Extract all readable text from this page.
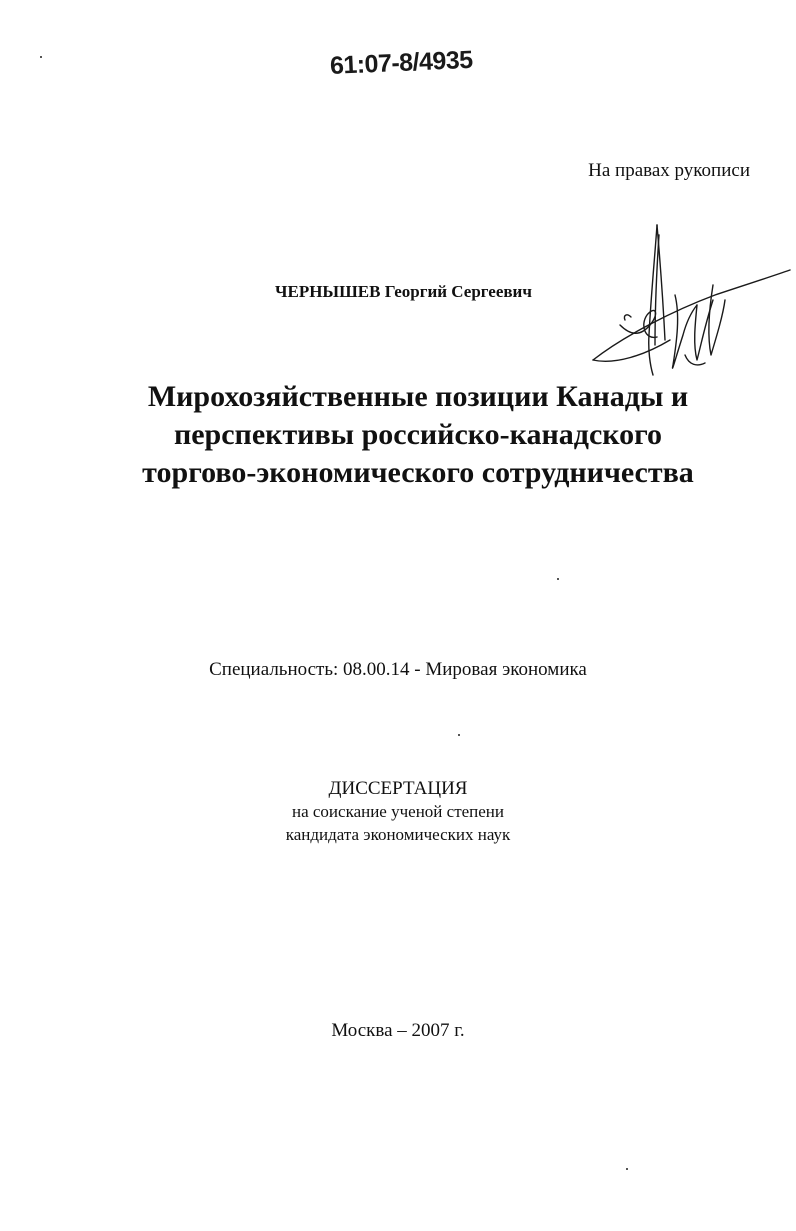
61:07-8/4935
На правах рукописи
ЧЕРНЫШЕВ Георгий Сергеевич
Мирохозяйственные позиции Канады и
перспективы российско-канадского
торгово-экономического сотрудничества
Специальность: 08.00.14 - Мировая экономика
ДИССЕРТАЦИЯ
на соискание ученой степени
кандидата экономических наук
Москва – 2007 г.
